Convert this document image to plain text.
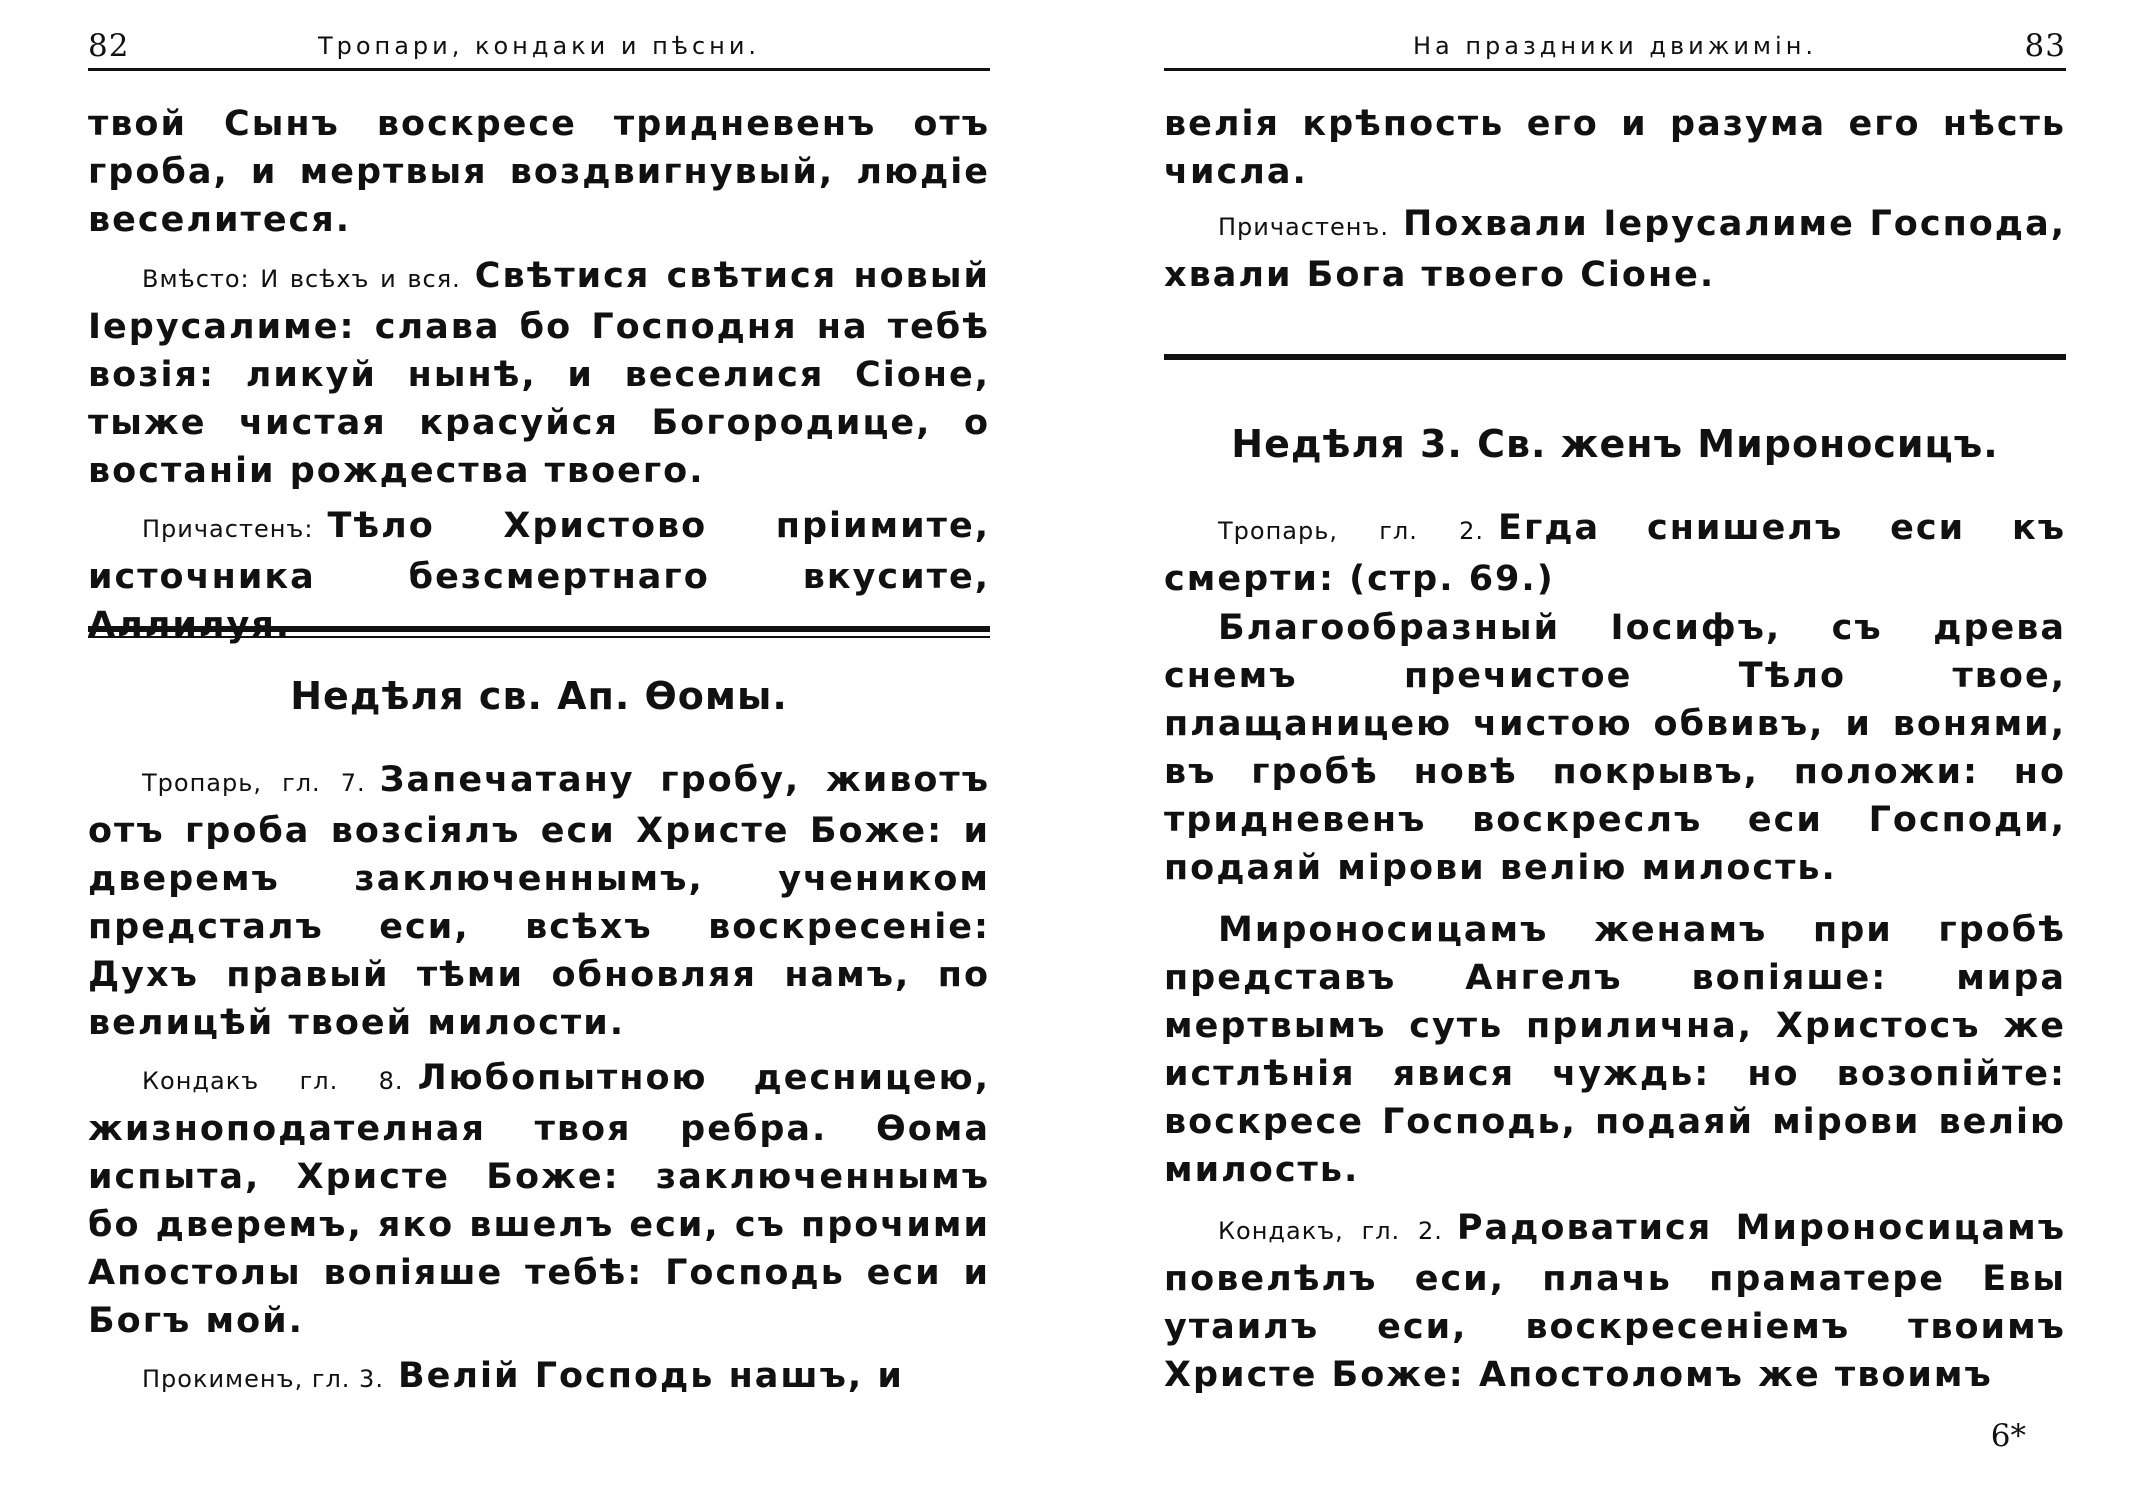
82	Тропари, кондаки и пѣсни.
твой Сынъ воскресе тридневенъ отъ гроба, и мертвыя воздвигнувый, людіе веселитеся.
Вмѣсто: И всѣхъ и вся. Свѣтися свѣтися новый Іерусалиме: слава бо Господня на тебѣ возія: ликуй нынѣ, и веселися Сіоне, тыже чистая красуйся Богородице, о востаніи рождества твоего.
Причастенъ: Тѣло Христово пріимите, источника безсмертнаго вкусите, Аллилуя.
Недѣля св. Ап. Ѳомы.
Тропарь, гл. 7. Запечатану гробу, животъ отъ гроба возсіялъ еси Христе Боже: и дверемъ заключеннымъ, учеником предсталъ еси, всѣхъ воскресеніе: Духъ правый тѣми обновляя намъ, по велицѣй твоей милости.
Кондакъ гл. 8. Любопытною десницею, жизноподателная твоя ребра. Ѳома испыта, Христе Боже: заключеннымъ бо дверемъ, яко вшелъ еси, съ прочими Апостолы вопіяше тебѣ: Господь еси и Богъ мой.
Прокименъ, гл. 3. Велій Господь нашъ, и
На праздники движимін.	83
велія крѣпость его и разума его нѣсть числа.
Причастенъ. Похвали Іерусалиме Господа, хвали Бога твоего Сіоне.
Недѣля 3. Св. женъ Мироносицъ.
Тропарь, гл. 2. Егда снишелъ еси къ смерти: (стр. 69.)
Благообразный Іосифъ, съ древа снемъ пречистое Тѣло твое, плащаницею чистою обвивъ, и вонями, въ гробѣ новѣ покрывъ, положи: но тридневенъ воскреслъ еси Господи, подаяй мірови велію милость.
Мироносицамъ женамъ при гробѣ представъ Ангелъ вопіяше: мира мертвымъ суть прилична, Христосъ же истлѣнія явися чуждь: но возопійте: воскресе Господь, подаяй мірови велію милость.
Кондакъ, гл. 2. Радоватися Мироносицамъ повелѣлъ еси, плачь праматере Евы утаилъ еси, воскресеніемъ твоимъ Христе Боже: Апостоломъ же твоимъ
6*
